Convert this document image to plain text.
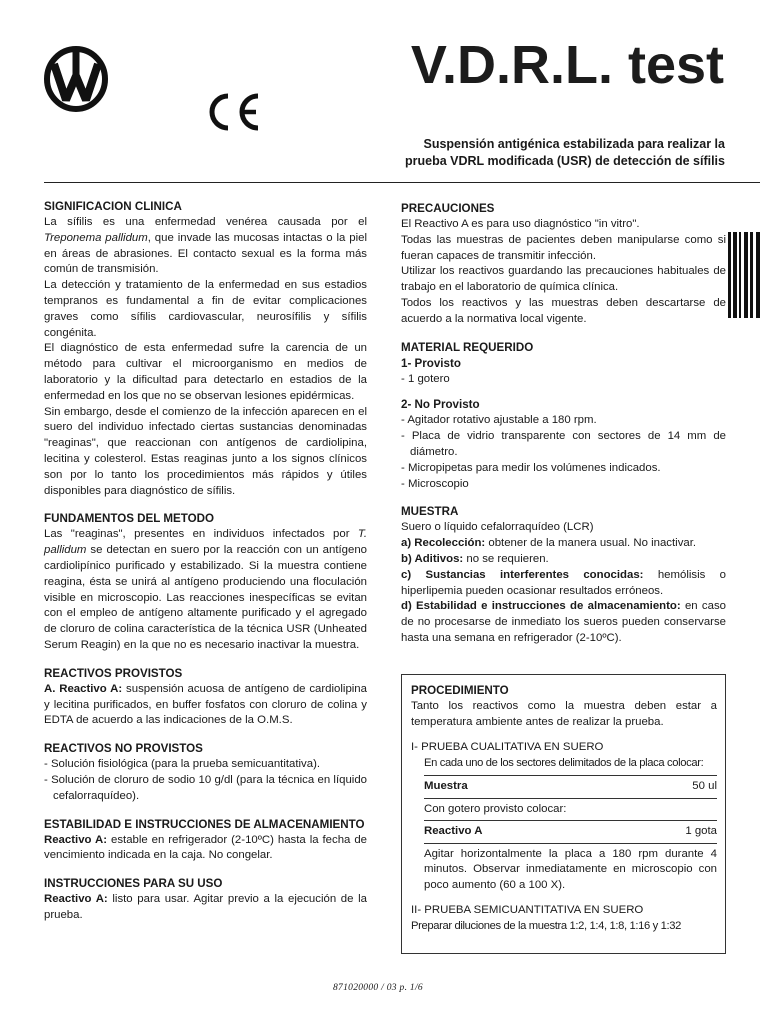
V.D.R.L. test

Suspensión antigénica estabilizada para realizar la
prueba VDRL modificada (USR) de detección de sífilis

SIGNIFICACION CLINICA

La sífilis es una enfermedad venérea causada por el Treponema pallidum, que invade las mucosas intactas o la piel en áreas de abrasiones. El contacto sexual es la forma más común de transmisión.

La detección y tratamiento de la enfermedad en sus estadios tempranos es fundamental a fin de evitar complicaciones graves como sífilis cardiovascular, neurosífilis y sífilis congénita.

El diagnóstico de esta enfermedad sufre la carencia de un método para cultivar el microorganismo en medios de laboratorio y la dificultad para detectarlo en estadios de la enfermedad en los que no se observan lesiones epidérmicas.

Sin embargo, desde el comienzo de la infección aparecen en el suero del individuo infectado ciertas sustancias denominadas "reaginas", que reaccionan con antígenos de cardiolipina, lecitina y colesterol. Estas reaginas junto a los signos clínicos son por lo tanto los procedimientos más rápidos y útiles disponibles para diagnóstico de sífilis.

FUNDAMENTOS DEL METODO

Las "reaginas", presentes en individuos infectados por T. pallidum se detectan en suero por la reacción con un antígeno cardiolipínico purificado y estabilizado. Si la muestra contiene reagina, ésta se unirá al antígeno produciendo una floculación visible en microscopio. Las reacciones inespecíficas se evitan con el empleo de antígeno altamente purificado y el agregado de cloruro de colina característica de la técnica USR (Unheated Serum Reagin) en la que no es necesario inactivar la muestra.

REACTIVOS PROVISTOS

A. Reactivo A: suspensión acuosa de antígeno de cardiolipina y lecitina purificados, en buffer fosfatos con cloruro de colina y EDTA de acuerdo a las indicaciones de la O.M.S.

REACTIVOS NO PROVISTOS
- Solución fisiológica (para la prueba semicuantitativa).
- Solución de cloruro de sodio 10 g/dl (para la técnica en líquido cefalorraquídeo).
ESTABILIDAD E INSTRUCCIONES DE ALMACENAMIENTO

Reactivo A: estable en refrigerador (2-10ºC) hasta la fecha de vencimiento indicada en la caja. No congelar.

INSTRUCCIONES PARA SU USO

Reactivo A: listo para usar. Agitar previo a la ejecución de la prueba.

PRECAUCIONES

El Reactivo A es para uso diagnóstico "in vitro".

Todas las muestras de pacientes deben manipularse como si fueran capaces de transmitir infección.

Utilizar los reactivos guardando las precauciones habituales de trabajo en el laboratorio de química clínica.

Todos los reactivos y las muestras deben descartarse de acuerdo a la normativa local vigente.

MATERIAL REQUERIDO
1- Provisto
- 1 gotero
2- No Provisto
- Agitador rotativo ajustable a 180 rpm.
- Placa de vidrio transparente con sectores de 14 mm de diámetro.
- Micropipetas para medir los volúmenes indicados.
- Microscopio
MUESTRA

Suero o líquido cefalorraquídeo (LCR)

a) Recolección: obtener de la manera usual. No inactivar.

b) Aditivos: no se requieren.

c) Sustancias interferentes conocidas: hemólisis o hiperlipemia pueden ocasionar resultados erróneos.

d) Estabilidad e instrucciones de almacenamiento: en caso de no procesarse de inmediato los sueros pueden conservarse hasta una semana en refrigerador (2-10ºC).

PROCEDIMIENTO

Tanto los reactivos como la muestra deben estar a temperatura ambiente antes de realizar la prueba.

I- PRUEBA CUALITATIVA EN SUERO

En cada uno de los sectores delimitados de la placa colocar:

Muestra	50 ul

Con gotero provisto colocar:

Reactivo A	1 gota

Agitar horizontalmente la placa a 180 rpm durante 4 minutos. Observar inmediatamente en microscopio con poco aumento (60 a 100 X).

II- PRUEBA SEMICUANTITATIVA EN SUERO

Preparar diluciones de la muestra 1:2, 1:4, 1:8, 1:16 y 1:32

871020000 / 03 p. 1/6
